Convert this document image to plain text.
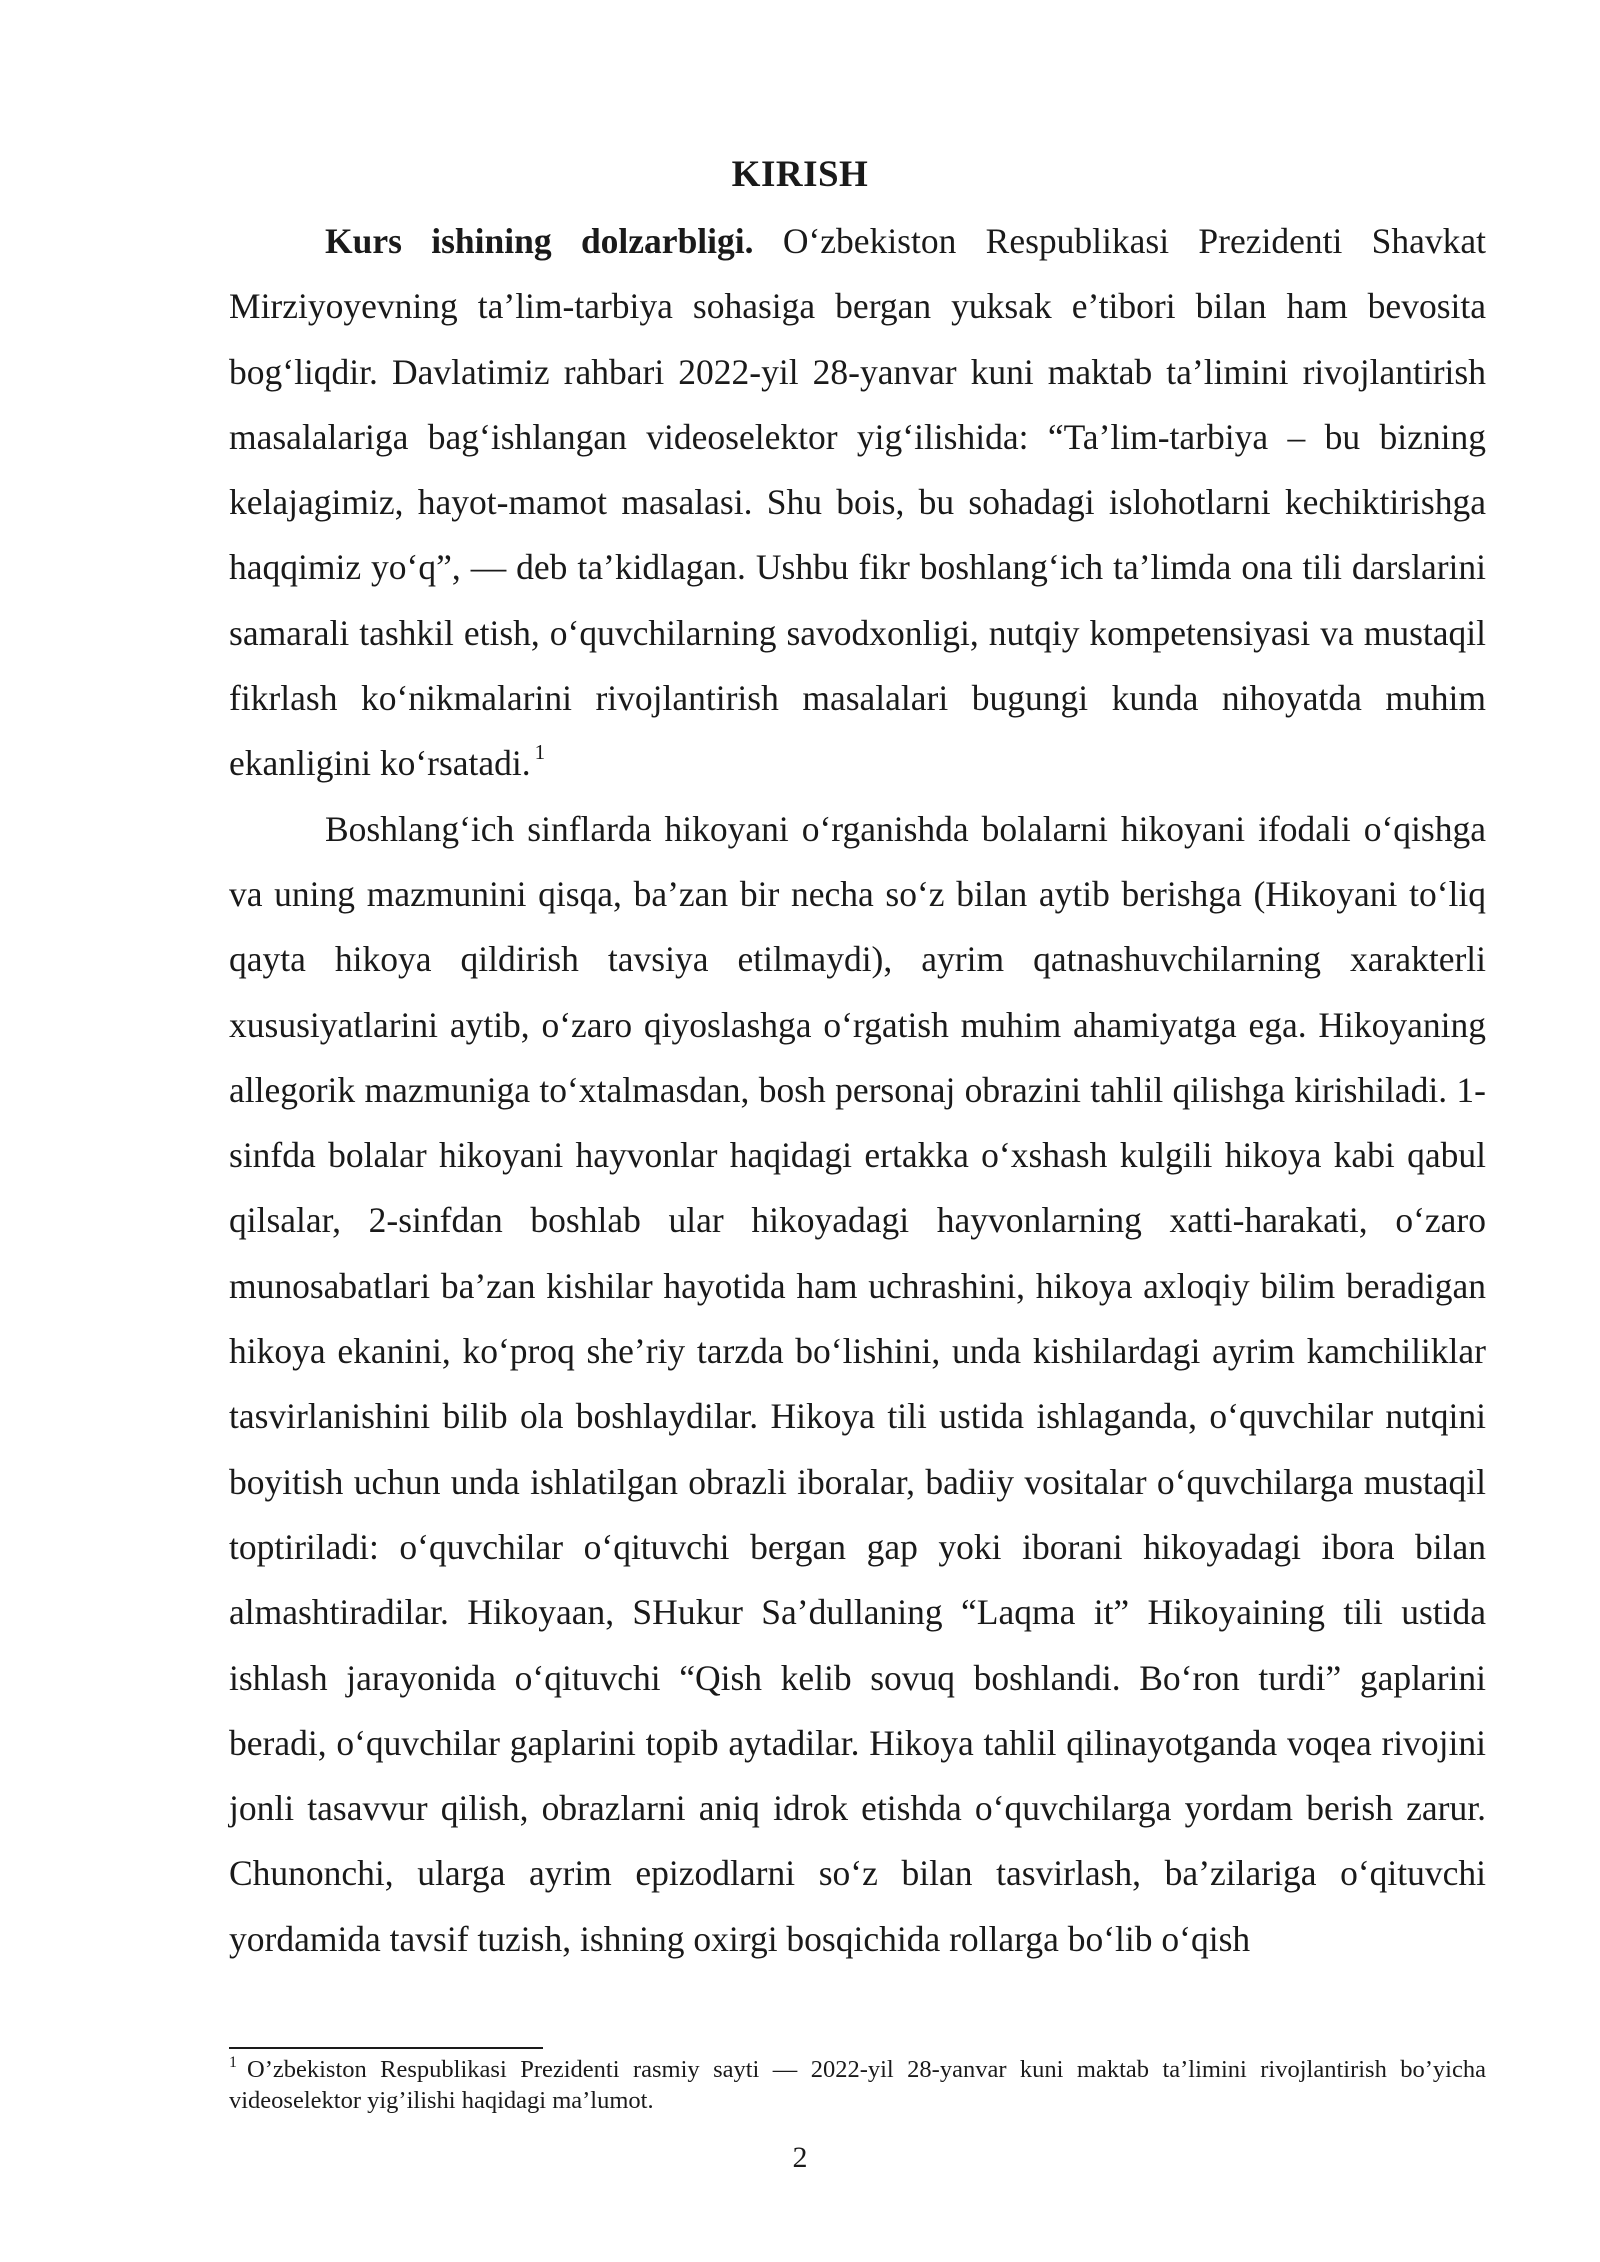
KIRISH

Kurs ishining dolzarbligi. O‘zbekiston Respublikasi Prezidenti Shavkat Mirziyoyevning ta’lim-tarbiya sohasiga bergan yuksak e’tibori bilan ham bevosita bog‘liqdir. Davlatimiz rahbari 2022-yil 28-yanvar kuni maktab ta’limini rivojlantirish masalalariga bag‘ishlangan videoselektor yig‘ilishida: “Ta’lim-tarbiya – bu bizning kelajagimiz, hayot-mamot masalasi. Shu bois, bu sohadagi islohotlarni kechiktirishga haqqimiz yo‘q”, — deb ta’kidlagan. Ushbu fikr boshlang‘ich ta’limda ona tili darslarini samarali tashkil etish, o‘quvchilarning savodxonligi, nutqiy kompetensiyasi va mustaqil fikrlash ko‘nikmalarini rivojlantirish masalalari bugungi kunda nihoyatda muhim ekanligini ko‘rsatadi. $^1$

Boshlang‘ich sinflarda hikoyani o‘rganishda bolalarni hikoyani ifodali o‘qishga va uning mazmunini qisqa, ba’zan bir necha so‘z bilan aytib berishga (Hikoyani to‘liq qayta hikoya qildirish tavsiya etilmaydi), ayrim qatnashuvchilarning xarakterli xususiyatlarini aytib, o‘zaro qiyoslashga o‘rgatish muhim ahamiyatga ega. Hikoyaning allegorik mazmuniga to‘xtalmasdan, bosh personaj obrazini tahlil qilishga kirishiladi. 1-sinfda bolalar hikoyani hayvonlar haqidagi ertakka o‘xshash kulgili hikoya kabi qabul qilsalar, 2-sinfdan boshlab ular hikoyadagi hayvonlarning xatti-harakati, o‘zaro munosabatlari ba’zan kishilar hayotida ham uchrashini, hikoya axloqiy bilim beradigan hikoya ekanini, ko‘proq she’riy tarzda bo‘lishini, unda kishilardagi ayrim kamchiliklar tasvirlanishini bilib ola boshlaydilar. Hikoya tili ustida ishlaganda, o‘quvchilar nutqini boyitish uchun unda ishlatilgan obrazli iboralar, badiiy vositalar o‘quvchilarga mustaqil toptiriladi: o‘quvchilar o‘qituvchi bergan gap yoki iborani hikoyadagi ibora bilan almashtiradilar. Hikoyaan, SHukur Sa’dullaning “Laqma it” Hikoyaining tili ustida ishlash jarayonida o‘qituvchi “Qish kelib sovuq boshlandi. Bo‘ron turdi” gaplarini beradi, o‘quvchilar gaplarini topib aytadilar. Hikoya tahlil qilinayotganda voqea rivojini jonli tasavvur qilish, obrazlarni aniq idrok etishda o‘quvchilarga yordam berish zarur. Chunonchi, ularga ayrim epizodlarni so‘z bilan tasvirlash, ba’zilariga o‘qituvchi yordamida tavsif tuzish, ishning oxirgi bosqichida rollarga bo‘lib o‘qish

$^1$ O’zbekiston Respublikasi Prezidenti rasmiy sayti — 2022-yil 28-yanvar kuni maktab ta’limini rivojlantirish bo’yicha videoselektor yig’ilishi haqidagi ma’lumot.

2
